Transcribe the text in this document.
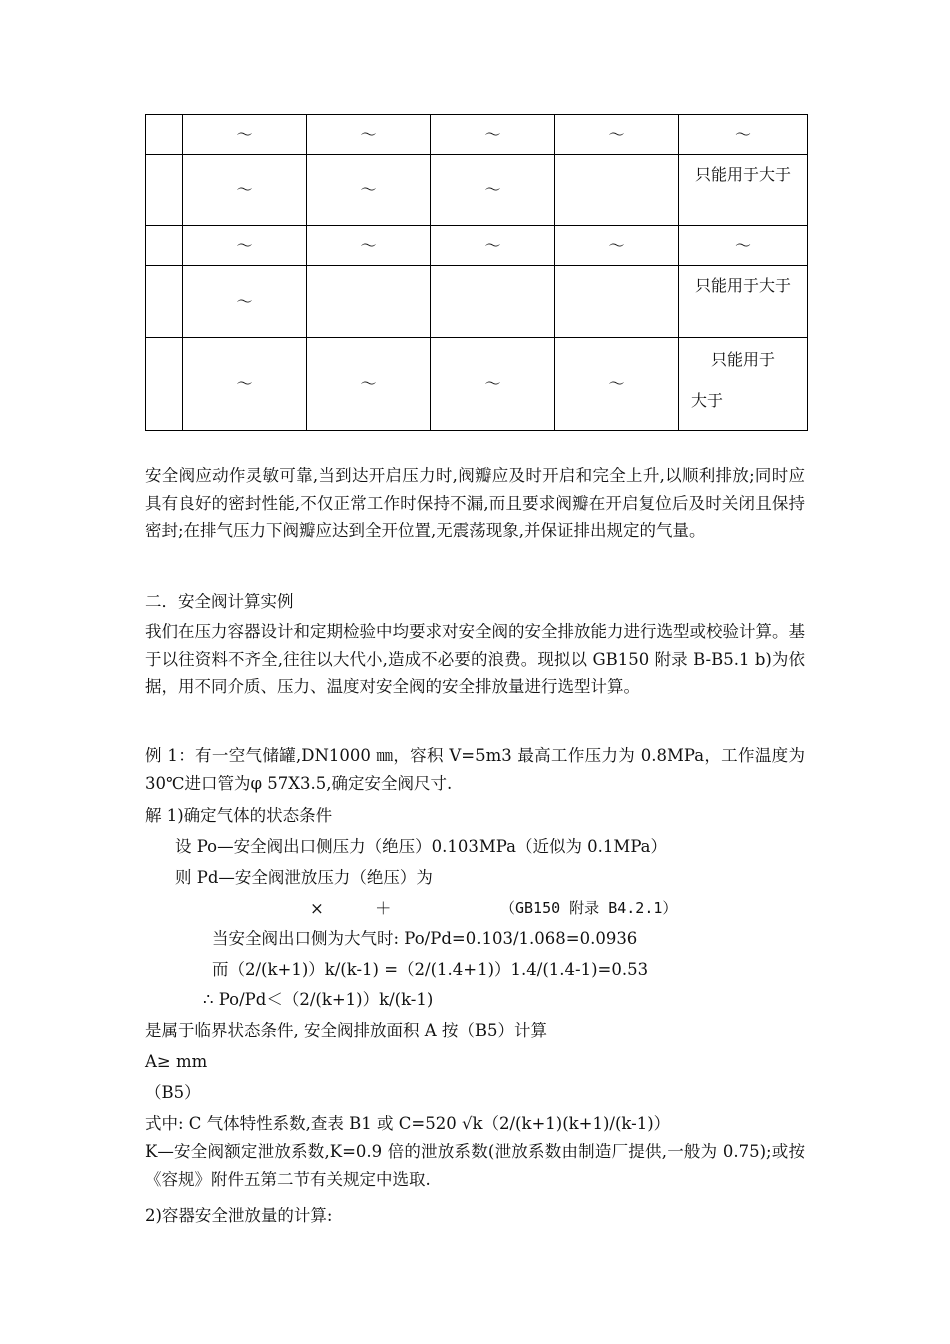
	～	～	～	～	～
	～	～	～		只能用于大于
	～	～	～	～	～
	～				只能用于大于
	～	～	～	～	只能用于
大于
安全阀应动作灵敏可靠,当到达开启压力时,阀瓣应及时开启和完全上升,以顺利排放;同时应具有良好的密封性能,不仅正常工作时保持不漏,而且要求阀瓣在开启复位后及时关闭且保持密封;在排气压力下阀瓣应达到全开位置,无震荡现象,并保证排出规定的气量。
二．安全阀计算实例
我们在压力容器设计和定期检验中均要求对安全阀的安全排放能力进行选型或校验计算。基于以往资料不齐全,往往以大代小,造成不必要的浪费。现拟以 GB150 附录 B-B5.1 b)为依据，用不同介质、压力、温度对安全阀的安全排放量进行选型计算。
例 1：有一空气储罐,DN1000 ㎜，容积 V=5m3 最高工作压力为 0.8MPa，工作温度为 30℃进口管为φ 57X3.5,确定安全阀尺寸.
解 1)确定气体的状态条件
设 Po—安全阀出口侧压力（绝压）0.103MPa（近似为 0.1MPa）
则 Pd—安全阀泄放压力（绝压）为
×	＋	（GB150 附录 B4.2.1）
当安全阀出口侧为大气时: Po/Pd=0.103/1.068=0.0936
而（2/(k+1)）k/(k-1) =（2/(1.4+1)）1.4/(1.4-1)=0.53
∴ Po/Pd＜（2/(k+1)）k/(k-1)
是属于临界状态条件, 安全阀排放面积 A 按（B5）计算
A≥ mm
（B5）
式中: C 气体特性系数,查表 B1 或 C=520 √k（2/(k+1)(k+1)/(k-1)）
K—安全阀额定泄放系数,K=0.9 倍的泄放系数(泄放系数由制造厂提供,一般为 0.75);或按《容规》附件五第二节有关规定中选取.
2)容器安全泄放量的计算:
